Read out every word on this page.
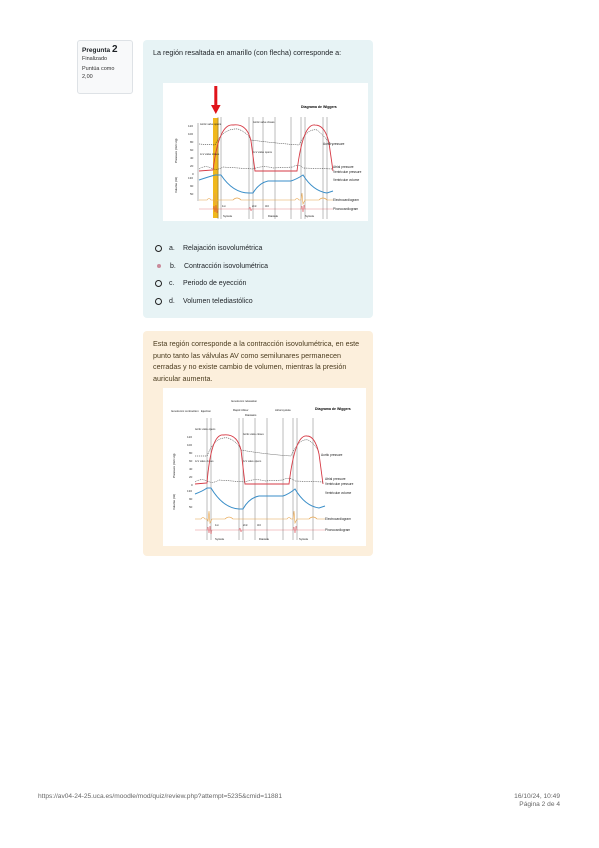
Pregunta 2
Finalizado
Puntúa como
2,00
La región resaltada en amarillo (con flecha) corresponde a:
Diagrama de Wiggers
Pressure (mm Hg)
Volume (ml)
120
100
80
60
40
20
0
130
90
50
Aortic pressure
Atrial pressure
Ventricular pressure
Ventricular volume
Electrocardiogram
Phonocardiogram
Aortic valve opens
Aortic valve closes
A-V valve closes
A-V valve opens
Systole	Diastole	Systole
1st	2nd	3rd
a.	Relajación isovolumétrica
b.	Contracción isovolumétrica
c.	Periodo de eyección
d.	Volumen telediastólico
Esta región corresponde a la contracción isovolumétrica, en este punto tanto las válvulas AV como semilunares permanecen cerradas y no existe cambio de volumen, mientras la presión auricular aumenta.
Diagrama de Wiggers
Isovolumic contraction Ejection
Isovolumic relaxation
Rapid inflow
Diastasis
Atrial systole
Aortic valve opens
Aortic valve closes
A-V valve closes	A-V valve opens
Pressure (mm Hg)
Volume (ml)
120
100
80
60
40
20
0
130
90
50
Aortic pressure
Atrial pressure
Ventricular pressure
Ventricular volume
Electrocardiogram
Phonocardiogram
Systole	Diastole	Systole
1st	2nd	3rd
https://av04-24-25.uca.es/moodle/mod/quiz/review.php?attempt=5235&cmid=11881	16/10/24, 10:49
Página 2 de 4
